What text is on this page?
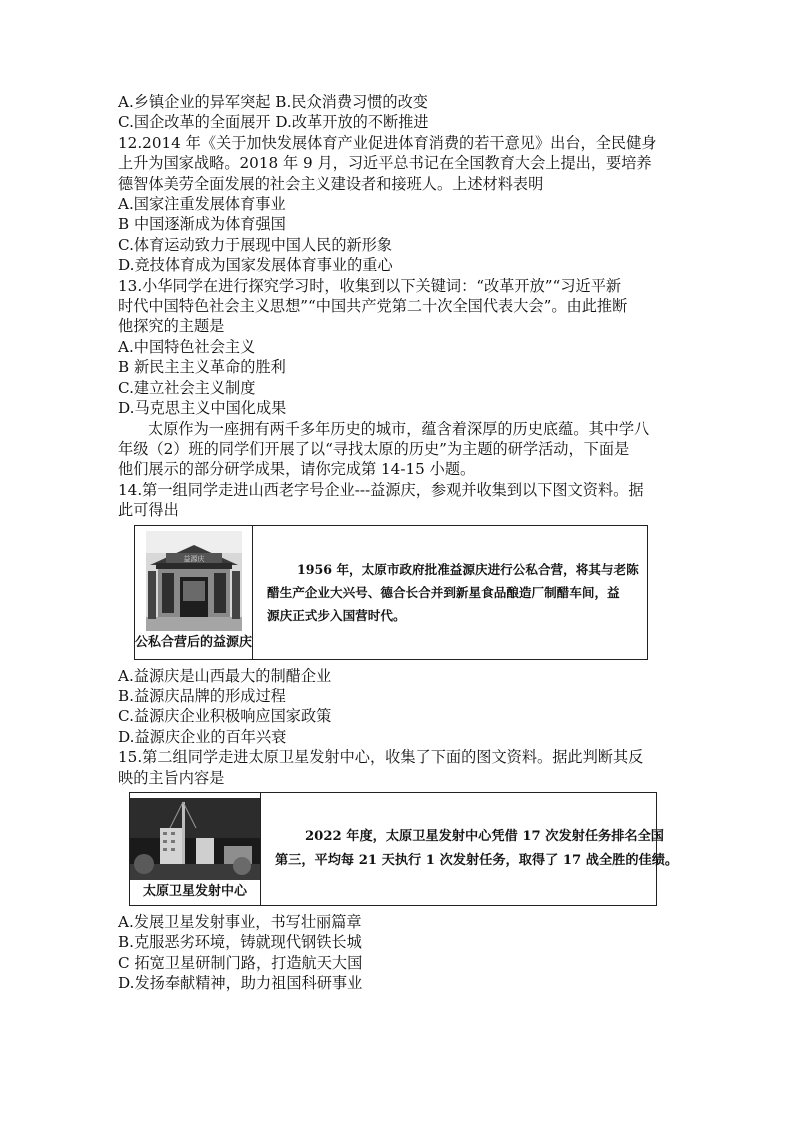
A.乡镇企业的异军突起 B.民众消费习惯的改变
C.国企改革的全面展开 D.改革开放的不断推进
12.2014 年《关于加快发展体育产业促进体育消费的若干意见》出台，全民健身
上升为国家战略。2018 年 9 月，习近平总书记在全国教育大会上提出，要培养
德智体美劳全面发展的社会主义建设者和接班人。上述材料表明
A.国家注重发展体育事业
B 中国逐渐成为体育强国
C.体育运动致力于展现中国人民的新形象
D.竞技体育成为国家发展体育事业的重心
13.小华同学在进行探究学习时，收集到以下关键词：“改革开放”“习近平新
时代中国特色社会主义思想”“中国共产党第二十次全国代表大会”。由此推断
他探究的主题是
A.中国特色社会主义
B 新民主主义革命的胜利
C.建立社会主义制度
D.马克思主义中国化成果
太原作为一座拥有两千多年历史的城市，蕴含着深厚的历史底蕴。其中学八
年级（2）班的同学们开展了以“寻找太原的历史”为主题的研学活动，下面是
他们展示的部分研学成果，请你完成第 14-15 小题。
14.第一组同学走进山西老字号企业---益源庆，参观并收集到以下图文资料。据
此可得出
益源庆
公私合营后的益源庆
1956 年，太原市政府批准益源庆进行公私合营，将其与老陈
醋生产企业大兴号、德合长合并到新星食品酿造厂制醋车间，益
源庆正式步入国营时代。
A.益源庆是山西最大的制醋企业
B.益源庆品牌的形成过程
C.益源庆企业积极响应国家政策
D.益源庆企业的百年兴衰
15.第二组同学走进太原卫星发射中心，收集了下面的图文资料。据此判断其反
映的主旨内容是
太原卫星发射中心
2022 年度，太原卫星发射中心凭借 17 次发射任务排名全国
第三，平均每 21 天执行 1 次发射任务，取得了 17 战全胜的佳绩。
A.发展卫星发射事业，书写壮丽篇章
B.克服恶劣环境，铸就现代钢铁长城
C 拓宽卫星研制门路，打造航天大国
D.发扬奉献精神，助力祖国科研事业
